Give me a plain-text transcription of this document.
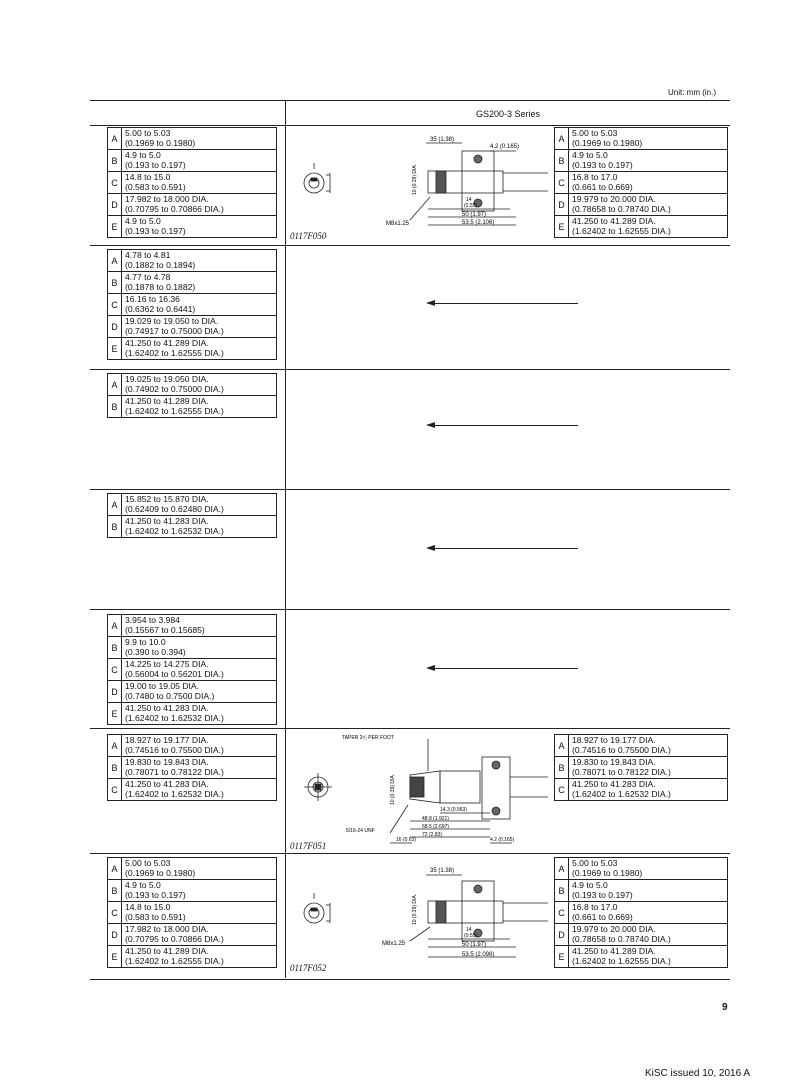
Unit: mm (in.)
GS200-3 Series
A
5.00 to 5.03
(0.1969 to 0.1980)
B
4.9 to 5.0
(0.193 to 0.197)
C
14.8 to 15.0
(0.583 to 0.591)
D
17.982 to 18.000 DIA.
(0.70795 to 0.70866 DIA.)
E
4.9 to 5.0
(0.193 to 0.197)
A
5.00 to 5.03
(0.1969 to 0.1980)
B
4.9 to 5.0
(0.193 to 0.197)
C
16.8 to 17.0
(0.661 to 0.669)
D
19.979 to 20.000 DIA.
(0.78658 to 0.78740 DIA.)
E
41.250 to 41.289 DIA.
(1.62402 to 1.62555 DIA.)
35 (1.38)
4.2 (0.165)
10 (0.39) DIA.
14
(0.55)
50 (1.97)
53.5 (2.106)
M8x1.25
0117F050
A
4.78 to 4.81
(0.1882 to 0.1894)
B
4.77 to 4.78
(0.1878 to 0.1882)
C
16.16 to 16.36
(0.6362 to 0.6441)
D
19.029 to 19.050 to DIA.
(0.74917 to 0.75000 DIA.)
E
41.250 to 41.289 DIA.
(1.62402 to 1.62555 DIA.)
A
19.025 to 19.050 DIA.
(0.74902 to 0.75000 DIA.)
B
41.250 to 41.289 DIA.
(1.62402 to 1.62555 DIA.)
A
15.852 to 15.870 DIA.
(0.62409 to 0.62480 DIA.)
B
41.250 to 41.283 DIA.
(1.62402 to 1.62532 DIA.)
A
3.954 to 3.984
(0.15567 to 0.15685)
B
9.9 to 10.0
(0.390 to 0.394)
C
14.225 to 14.275 DIA.
(0.56004 to 0.56201 DIA.)
D
19.00 to 19.05 DIA.
(0.7480 to 0.7500 DIA.)
E
41.250 to 41.283 DIA.
(1.62402 to 1.62532 DIA.)
A
18.927 to 19.177 DIA.
(0.74516 to 0.75500 DIA.)
B
19.830 to 19.843 DIA.
(0.78071 to 0.78122 DIA.)
C
41.250 to 41.283 DIA.
(1.62402 to 1.62532 DIA.)
A
18.927 to 19.177 DIA.
(0.74516 to 0.75500 DIA.)
B
19.830 to 19.843 DIA.
(0.78071 to 0.78122 DIA.)
C
41.250 to 41.283 DIA.
(1.62402 to 1.62532 DIA.)
TAPER 2¹⁄₂ PER FOOT
10 (0.39) DIA.
14.3 (0.563)
48.8 (1.921)
68.5 (2.697)
72 (2.83)
16 (0.63)	4.2 (0.165)
5/16-24 UNF
0117F051
A
5.00 to 5.03
(0.1969 to 0.1980)
B
4.9 to 5.0
(0.193 to 0.197)
C
14.8 to 15.0
(0.583 to 0.591)
D
17.982 to 18.000 DIA.
(0.70795 to 0.70866 DIA.)
E
41.250 to 41.289 DIA.
(1.62402 to 1.62555 DIA.)
A
5.00 to 5.03
(0.1969 to 0.1980)
B
4.9 to 5.0
(0.193 to 0.197)
C
16.8 to 17.0
(0.661 to 0.669)
D
19.979 to 20.000 DIA.
(0.78658 to 0.78740 DIA.)
E
41.250 to 41.289 DIA.
(1.62402 to 1.62555 DIA.)
35 (1.38)
10 (0.39) DIA.
14
(0.55)
50 (1.97)
53.5 (2.098)
M8x1.25
0117F052
9
KiSC issued 10, 2016 A
